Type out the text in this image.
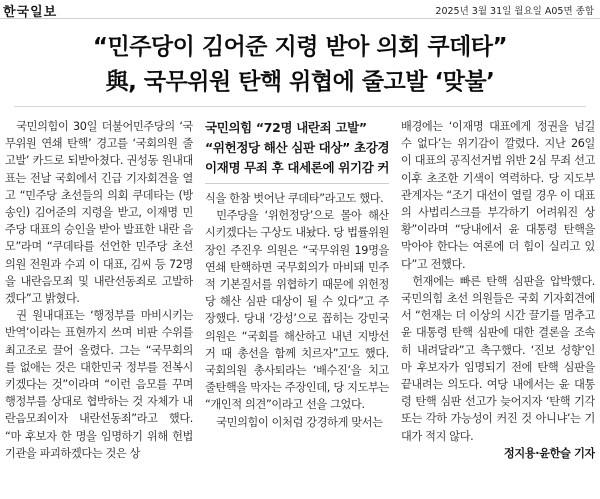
한국일보	2025년 3월 31일 월요일 A05면 종합
“민주당이 김어준 지령 받아 의회 쿠데타”
與, 국무위원 탄핵 위협에 줄고발 ‘맞불’

국민의힘이 30일 더불어민주당의 ‘국무위원 연쇄 탄핵’ 경고를 ‘국회의원 줄고발’ 카드로 되받아쳤다. 권성동 원내대표는 전날 국회에서 긴급 기자회견을 열고 “민주당 초선들의 의회 쿠데타는 (방송인) 김어준의 지령을 받고, 이재명 민주당 대표의 승인을 받아 발표한 내란 음모”라며 “쿠데타를 선언한 민주당 초선 의원 전원과 수괴 이 대표, 김씨 등 72명을 내란음모죄 및 내란선동죄로 고발하겠다”고 밝혔다.

권 원내대표는 ‘행정부를 마비시키는 반역’이라는 표현까지 쓰며 비판 수위를 최고조로 끌어 올렸다. 그는 “국무회의를 없애는 것은 대한민국 정부를 전복시키겠다는 것”이라며 “이런 음모를 꾸며 행정부를 상대로 협박하는 것 자체가 내란음모죄이자 내란선동죄”라고 했다. “마 후보자 한 명을 임명하기 위해 헌법기관을 파괴하겠다는 것은 상

국민의힘 “72명 내란죄 고발”
“위헌정당 해산 심판 대상” 초강경
이재명 무죄 후 대세론에 위기감 커

식을 한참 벗어난 쿠데타”라고도 했다.

민주당을 ‘위헌정당’으로 몰아 해산시키겠다는 구상도 내놨다. 당 법률위원장인 주진우 의원은 “국무위원 19명을 연쇄 탄핵하면 국무회의가 마비돼 민주적 기본질서를 위협하기 때문에 위헌정당 해산 심판 대상이 될 수 있다”고 주장했다. 당내 ‘강성’으로 꼽히는 강민국 의원은 “국회를 해산하고 내년 지방선거 때 총선을 함께 치르자”고도 했다. 국회의원 총사퇴라는 ‘배수진’을 치고 줄탄핵을 막자는 주장인데, 당 지도부는 “개인적 의견”이라고 선을 그었다.

국민의힘이 이처럼 강경하게 맞서는

배경에는 ‘이재명 대표에게 정권을 넘길 수 없다’는 위기감이 깔렸다. 지난 26일 이 대표의 공직선거법 위반 2심 무죄 선고 이후 초조한 기색이 역력하다. 당 지도부 관계자는 “조기 대선이 열릴 경우 이 대표의 사법리스크를 부각하기 어려워진 상황”이라며 “당내에서 윤 대통령 탄핵을 막아야 한다는 여론에 더 힘이 실리고 있다”고 전했다.

헌재에는 빠른 탄핵 심판을 압박했다. 국민의힘 초선 의원들은 국회 기자회견에서 “헌재는 더 이상의 시간 끌기를 멈추고 윤 대통령 탄핵 심판에 대한 결론을 조속히 내려달라”고 촉구했다. ‘진보 성향’인 마 후보자가 임명되기 전에 탄핵 심판을 끝내려는 의도다. 여당 내에서는 윤 대통령 탄핵 심판 선고가 늦어지자 ‘탄핵 기각 또는 각하 가능성이 커진 것 아니냐’는 기대가 적지 않다.

정지용·윤한슬 기자
